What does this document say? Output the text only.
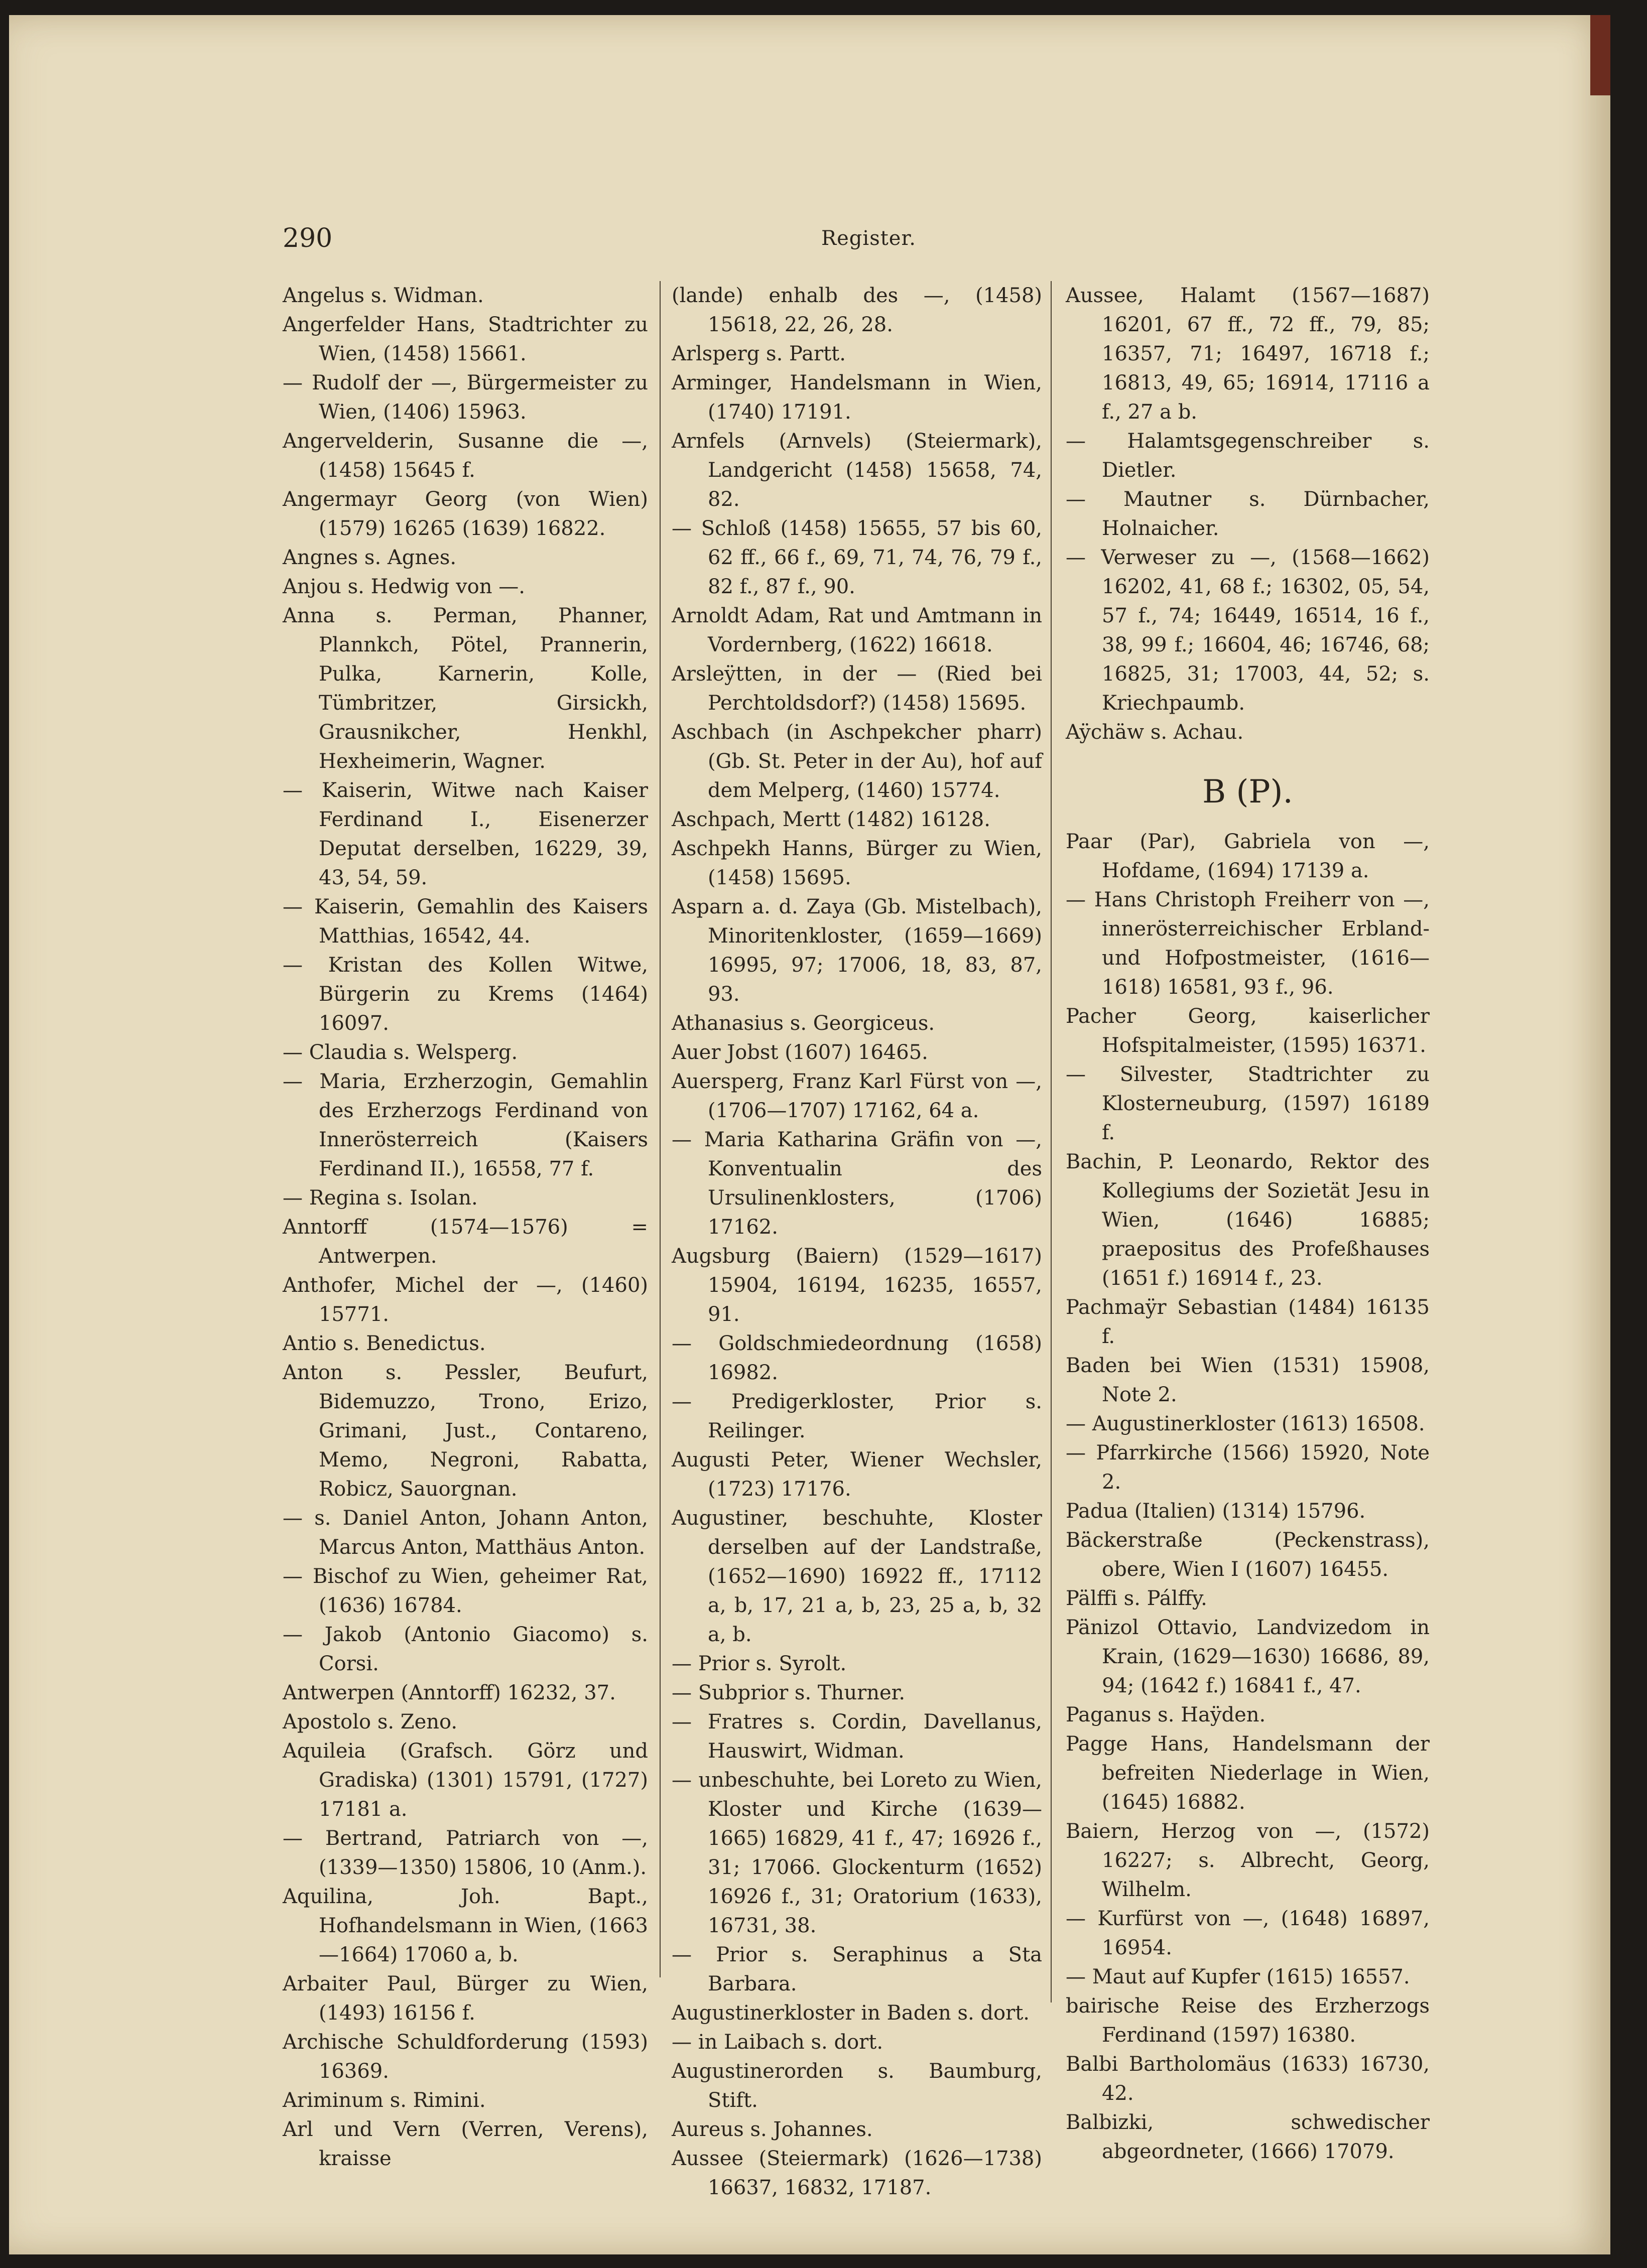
290	Register.

Angelus s. Widman.

Angerfelder Hans, Stadtrichter zu Wien, (1458) 15661.

— Rudolf der —, Bürgermeister zu Wien, (1406) 15963.

Angervelderin, Susanne die —, (1458) 15645 f.

Angermayr Georg (von Wien) (1579) 16265 (1639) 16822.

Angnes s. Agnes.

Anjou s. Hedwig von —.

Anna s. Perman, Phanner, Plannkch, Pötel, Prannerin, Pulka, Karnerin, Kolle, Tümbritzer, Girsickh, Grausnikcher, Henkhl, Hexheimerin, Wagner.

— Kaiserin, Witwe nach Kaiser Ferdinand I., Eisenerzer Deputat derselben, 16229, 39, 43, 54, 59.

— Kaiserin, Gemahlin des Kaisers Matthias, 16542, 44.

— Kristan des Kollen Witwe, Bürgerin zu Krems (1464) 16097.

— Claudia s. Welsperg.

— Maria, Erzherzogin, Gemahlin des Erzherzogs Ferdinand von Innerösterreich (Kaisers Ferdinand II.), 16558, 77 f.

— Regina s. Isolan.

Anntorff (1574—1576) = Antwerpen.

Anthofer, Michel der —, (1460) 15771.

Antio s. Benedictus.

Anton s. Pessler, Beufurt, Bidemuzzo, Trono, Erizo, Grimani, Just., Contareno, Memo, Negroni, Rabatta, Robicz, Sauorgnan.

— s. Daniel Anton, Johann Anton, Marcus Anton, Matthäus Anton.

— Bischof zu Wien, geheimer Rat, (1636) 16784.

— Jakob (Antonio Giacomo) s. Corsi.

Antwerpen (Anntorff) 16232, 37.

Apostolo s. Zeno.

Aquileia (Grafsch. Görz und Gradiska) (1301) 15791, (1727) 17181 a.

— Bertrand, Patriarch von —, (1339—1350) 15806, 10 (Anm.).

Aquilina, Joh. Bapt., Hofhandelsmann in Wien, (1663—1664) 17060 a, b.

Arbaiter Paul, Bürger zu Wien, (1493) 16156 f.

Archische Schuldforderung (1593) 16369.

Ariminum s. Rimini.

Arl und Vern (Verren, Verens), kraisse

(lande) enhalb des —, (1458) 15618, 22, 26, 28.

Arlsperg s. Partt.

Arminger, Handelsmann in Wien, (1740) 17191.

Arnfels (Arnvels) (Steiermark), Landgericht (1458) 15658, 74, 82.

— Schloß (1458) 15655, 57 bis 60, 62 ff., 66 f., 69, 71, 74, 76, 79 f., 82 f., 87 f., 90.

Arnoldt Adam, Rat und Amtmann in Vordernberg, (1622) 16618.

Arsleÿtten, in der — (Ried bei Perchtoldsdorf?) (1458) 15695.

Aschbach (in Aschpekcher pharr) (Gb. St. Peter in der Au), hof auf dem Melperg, (1460) 15774.

Aschpach, Mertt (1482) 16128.

Aschpekh Hanns, Bürger zu Wien, (1458) 15695.

Asparn a. d. Zaya (Gb. Mistelbach), Minoritenkloster, (1659—1669) 16995, 97; 17006, 18, 83, 87, 93.

Athanasius s. Georgiceus.

Auer Jobst (1607) 16465.

Auersperg, Franz Karl Fürst von —, (1706—1707) 17162, 64 a.

— Maria Katharina Gräfin von —, Konventualin des Ursulinenklosters, (1706) 17162.

Augsburg (Baiern) (1529—1617) 15904, 16194, 16235, 16557, 91.

— Goldschmiedeordnung (1658) 16982.

— Predigerkloster, Prior s. Reilinger.

Augusti Peter, Wiener Wechsler, (1723) 17176.

Augustiner, beschuhte, Kloster derselben auf der Landstraße, (1652—1690) 16922 ff., 17112 a, b, 17, 21 a, b, 23, 25 a, b, 32 a, b.

— Prior s. Syrolt.

— Subprior s. Thurner.

— Fratres s. Cordin, Davellanus, Hauswirt, Widman.

— unbeschuhte, bei Loreto zu Wien, Kloster und Kirche (1639—1665) 16829, 41 f., 47; 16926 f., 31; 17066. Glockenturm (1652) 16926 f., 31; Oratorium (1633), 16731, 38.

— Prior s. Seraphinus a Sta Barbara.

Augustinerkloster in Baden s. dort.

— in Laibach s. dort.

Augustinerorden s. Baumburg, Stift.

Aureus s. Johannes.

Aussee (Steiermark) (1626—1738) 16637, 16832, 17187.

Aussee, Halamt (1567—1687) 16201, 67 ff., 72 ff., 79, 85; 16357, 71; 16497, 16718 f.; 16813, 49, 65; 16914, 17116 a f., 27 a b.

— Halamtsgegenschreiber s. Dietler.

— Mautner s. Dürnbacher, Holnaicher.

— Verweser zu —, (1568—1662) 16202, 41, 68 f.; 16302, 05, 54, 57 f., 74; 16449, 16514, 16 f., 38, 99 f.; 16604, 46; 16746, 68; 16825, 31; 17003, 44, 52; s. Kriechpaumb.

Aÿchäw s. Achau.

B (P).

Paar (Par), Gabriela von —, Hofdame, (1694) 17139 a.

— Hans Christoph Freiherr von —, innerösterreichischer Erbland- und Hofpostmeister, (1616—1618) 16581, 93 f., 96.

Pacher Georg, kaiserlicher Hofspitalmeister, (1595) 16371.

— Silvester, Stadtrichter zu Klosterneuburg, (1597) 16189 f.

Bachin, P. Leonardo, Rektor des Kollegiums der Sozietät Jesu in Wien, (1646) 16885; praepositus des Profeßhauses (1651 f.) 16914 f., 23.

Pachmaÿr Sebastian (1484) 16135 f.

Baden bei Wien (1531) 15908, Note 2.

— Augustinerkloster (1613) 16508.

— Pfarrkirche (1566) 15920, Note 2.

Padua (Italien) (1314) 15796.

Bäckerstraße (Peckenstrass), obere, Wien I (1607) 16455.

Pälffi s. Pálffy.

Pänizol Ottavio, Landvizedom in Krain, (1629—1630) 16686, 89, 94; (1642 f.) 16841 f., 47.

Paganus s. Haÿden.

Pagge Hans, Handelsmann der befreiten Niederlage in Wien, (1645) 16882.

Baiern, Herzog von —, (1572) 16227; s. Albrecht, Georg, Wilhelm.

— Kurfürst von —, (1648) 16897, 16954.

— Maut auf Kupfer (1615) 16557.

bairische Reise des Erzherzogs Ferdinand (1597) 16380.

Balbi Bartholomäus (1633) 16730, 42.

Balbizki, schwedischer abgeordneter, (1666) 17079.
